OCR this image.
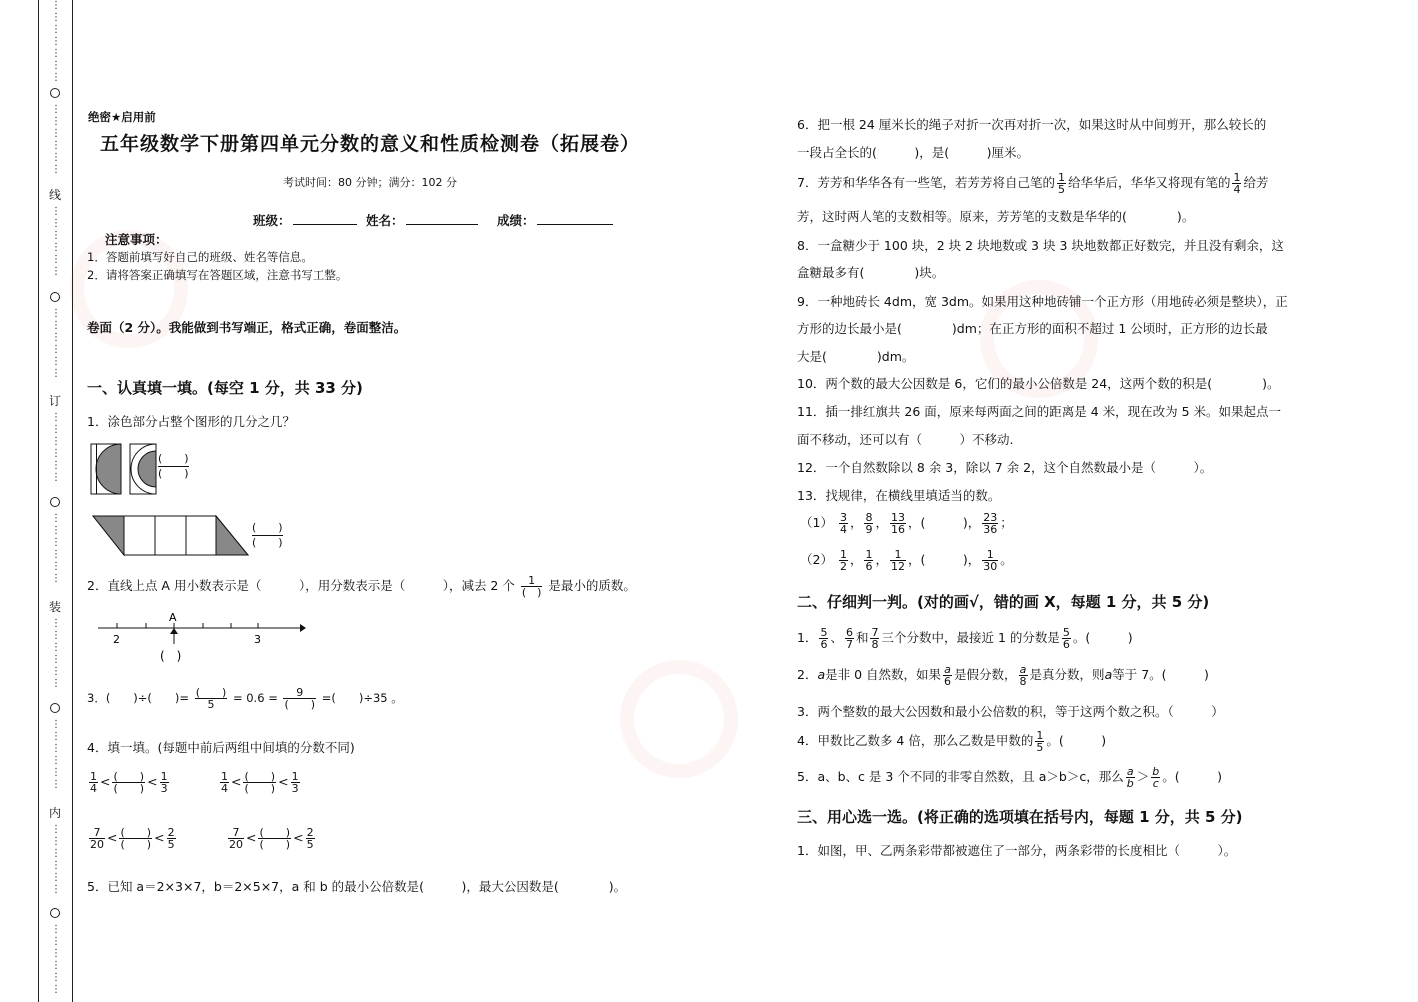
⋮
⋮
⋮
⋮
⋮
⋮
⋮
⋮
⋮
⋮
⋮
⋮
⋮
线
⋮
⋮
⋮
⋮
⋮
⋮
⋮
⋮
⋮
⋮
⋮
⋮
订
⋮
⋮
⋮
⋮
⋮
⋮
⋮
⋮
⋮
⋮
⋮
⋮
装
⋮
⋮
⋮
⋮
⋮
⋮
⋮
⋮
⋮
⋮
⋮
⋮
内
⋮
⋮
⋮
⋮
⋮
⋮
⋮
⋮
⋮
⋮
⋮
⋮
绝密★启用前
五年级数学下册第四单元分数的意义和性质检测卷（拓展卷）
考试时间：80 分钟；满分：102 分
班级：	姓名：	成绩：
注意事项：
1．答题前填写好自己的班级、姓名等信息。
2．请将答案正确填写在答题区域，注意书写工整。
卷面（2 分）。我能做到书写端正，格式正确，卷面整洁。
一、认真填一填。(每空 1 分，共 33 分)
1．涂色部分占整个图形的几分之几？
(　　)
(　　)
(　　)
(　　)
2．直线上点 A 用小数表示是（　　　），用分数表示是（　　　），减去 2 个 $\frac{1}{( )}$ 是最小的质数。
A
2	3
(　)
3．(　　)÷(　　)= $\frac{( )}{5} = 0.6 = \frac{9}{( )}$ =(　　)÷35 。
4．填一填。(每题中前后两组中间填的分数不同)
$\frac{1}{4} < \frac{( )}{( )} < \frac{1}{3}$	$\frac{1}{4} < \frac{( )}{( )} < \frac{1}{3}$
$\frac{7}{20} < \frac{( )}{( )} < \frac{2}{5}$	$\frac{7}{20} < \frac{( )}{( )} < \frac{2}{5}$
5．已知 a＝2×3×7，b＝2×5×7，a 和 b 的最小公倍数是(　　　)，最大公因数是(　　　　)。
6．把一根 24 厘米长的绳子对折一次再对折一次，如果这时从中间剪开，那么较长的
一段占全长的(　　　)，是(　　　)厘米。
7．芳芳和华华各有一些笔，若芳芳将自己笔的 $\frac{1}{5}$ 给华华后，华华又将现有笔的 $\frac{1}{4}$ 给芳
芳，这时两人笔的支数相等。原来，芳芳笔的支数是华华的(　　　　)。
8．一盒糖少于 100 块，2 块 2 块地数或 3 块 3 块地数都正好数完，并且没有剩余，这
盒糖最多有(　　　　)块。
9．一种地砖长 4dm，宽 3dm。如果用这种地砖铺一个正方形（用地砖必须是整块），正
方形的边长最小是(　　　　)dm；在正方形的面积不超过 1 公顷时，正方形的边长最
大是(　　　　)dm。
10．两个数的最大公因数是 6，它们的最小公倍数是 24，这两个数的积是(　　　　)。
11．插一排红旗共 26 面，原来每两面之间的距离是 4 米，现在改为 5 米。如果起点一
面不移动，还可以有（　　　）不移动.
12．一个自然数除以 8 余 3，除以 7 余 2，这个自然数最小是（　　　）。
13．找规律，在横线里填适当的数。
$(1) \frac{3}{4}$ ， $\frac{8}{9}$ ， $\frac{13}{16}$ ，(　　　)， $\frac{23}{36}$ ；
$(2) \frac{1}{2}$ ， $\frac{1}{6}$ ， $\frac{1}{12}$ ，(　　　)， $\frac{1}{30}$ 。
二、仔细判一判。(对的画√，错的画 X，每题 1 分，共 5 分)
1． $\frac{5}{6}$ 、 $\frac{6}{7}$ 和 $\frac{7}{8}$ 三个分数中，最接近 1 的分数是 $\frac{5}{6}$ 。(　　　)
2．a是非 0 自然数，如果 $\frac{a}{6}$ 是假分数， $\frac{a}{8}$ 是真分数，则a等于 7。(　　　)
3．两个整数的最大公因数和最小公倍数的积，等于这两个数之积。（　　　）
4．甲数比乙数多 4 倍，那么乙数是甲数的 $\frac{1}{5}$ 。(　　　)
5．a、b、c 是 3 个不同的非零自然数，且 a＞b＞c，那么 $\frac{a}{b} > \frac{b}{c}$ 。(　　　)
三、用心选一选。(将正确的选项填在括号内，每题 1 分，共 5 分)
1．如图，甲、乙两条彩带都被遮住了一部分，两条彩带的长度相比（　　　）。
